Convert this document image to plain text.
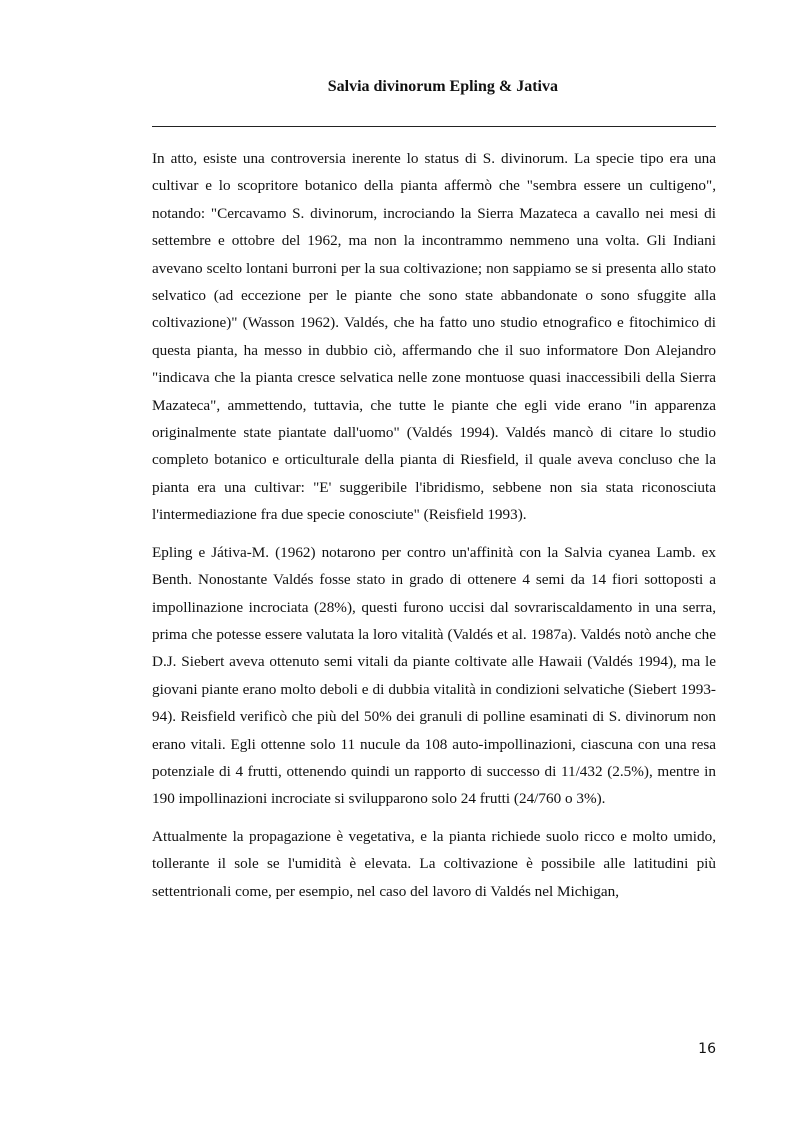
Salvia divinorum Epling & Jativa

In atto, esiste una controversia inerente lo status di S. divinorum. La specie tipo era una cultivar e lo scopritore botanico della pianta affermò che "sembra essere un cultigeno", notando: "Cercavamo S. divinorum, incrociando la Sierra Mazateca a cavallo nei mesi di settembre e ottobre del 1962, ma non la incontrammo nemmeno una volta. Gli Indiani avevano scelto lontani burroni per la sua coltivazione; non sappiamo se si presenta allo stato selvatico (ad eccezione per le piante che sono state abbandonate o sono sfuggite alla coltivazione)" (Wasson 1962). Valdés, che ha fatto uno studio etnografico e fitochimico di questa pianta, ha messo in dubbio ciò, affermando che il suo informatore Don Alejandro "indicava che la pianta cresce selvatica nelle zone montuose quasi inaccessibili della Sierra Mazateca", ammettendo, tuttavia, che tutte le piante che egli vide erano "in apparenza originalmente state piantate dall'uomo" (Valdés 1994). Valdés mancò di citare lo studio completo botanico e orticulturale della pianta di Riesfield, il quale aveva concluso che la pianta era una cultivar: "E' suggeribile l'ibridismo, sebbene non sia stata riconosciuta l'intermediazione fra due specie conosciute" (Reisfield 1993).

Epling e Játiva-M. (1962) notarono per contro un'affinità con la Salvia cyanea Lamb. ex Benth. Nonostante Valdés fosse stato in grado di ottenere 4 semi da 14 fiori sottoposti a impollinazione incrociata (28%), questi furono uccisi dal sovrariscaldamento in una serra, prima che potesse essere valutata la loro vitalità (Valdés et al. 1987a). Valdés notò anche che D.J. Siebert aveva ottenuto semi vitali da piante coltivate alle Hawaii (Valdés 1994), ma le giovani piante erano molto deboli e di dubbia vitalità in condizioni selvatiche (Siebert 1993-94). Reisfield verificò che più del 50% dei granuli di polline esaminati di S. divinorum non erano vitali. Egli ottenne solo 11 nucule da 108 auto-impollinazioni, ciascuna con una resa potenziale di 4 frutti, ottenendo quindi un rapporto di successo di 11/432 (2.5%), mentre in 190 impollinazioni incrociate si svilupparono solo 24 frutti (24/760 o 3%).

Attualmente la propagazione è vegetativa, e la pianta richiede suolo ricco e molto umido, tollerante il sole se l'umidità è elevata. La coltivazione è possibile alle latitudini più settentrionali come, per esempio, nel caso del lavoro di Valdés nel Michigan,

16
